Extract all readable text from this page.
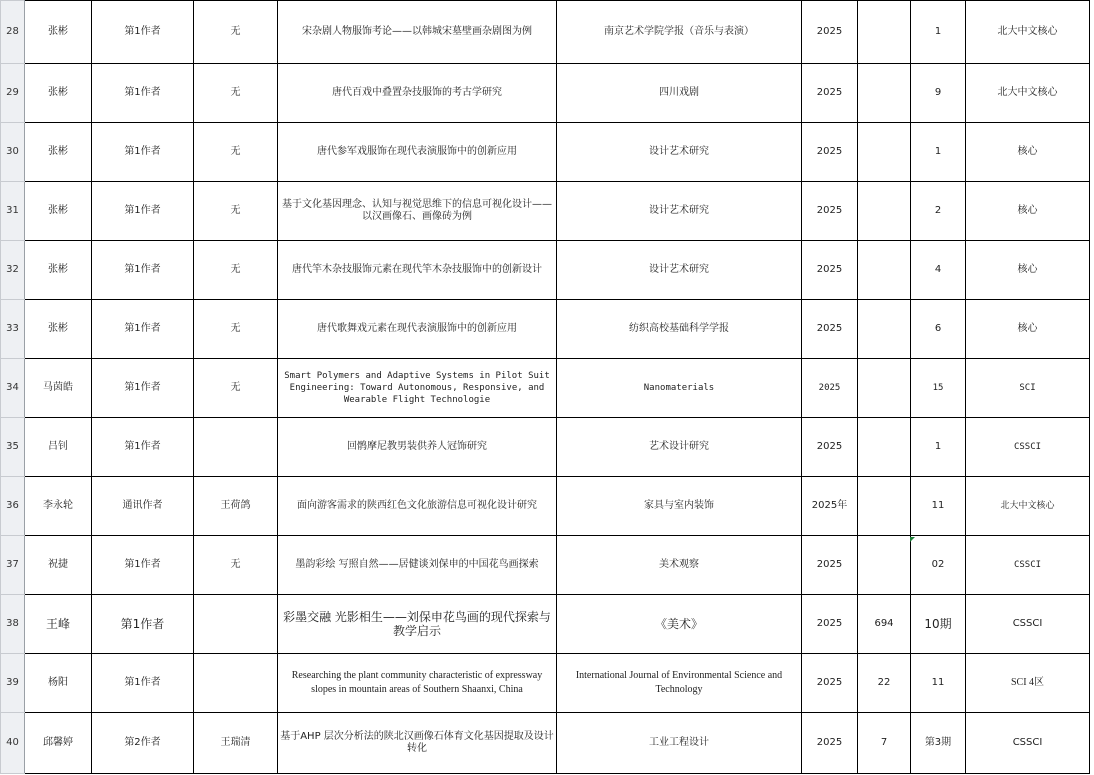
28	张彬	第1作者	无	宋杂剧人物服饰考论——以韩城宋墓壁画杂剧图为例	南京艺术学院学报（音乐与表演）	2025		1	北大中文核心
29	张彬	第1作者	无	唐代百戏中叠置杂技服饰的考古学研究	四川戏剧	2025		9	北大中文核心
30	张彬	第1作者	无	唐代参军戏服饰在现代表演服饰中的创新应用	设计艺术研究	2025		1	核心
31	张彬	第1作者	无	基于文化基因理念、认知与视觉思维下的信息可视化设计——以汉画像石、画像砖为例	设计艺术研究	2025		2	核心
32	张彬	第1作者	无	唐代竿木杂技服饰元素在现代竿木杂技服饰中的创新设计	设计艺术研究	2025		4	核心
33	张彬	第1作者	无	唐代歌舞戏元素在现代表演服饰中的创新应用	纺织高校基础科学学报	2025		6	核心
34	马茵皓	第1作者	无	Smart Polymers and Adaptive Systems in Pilot Suit Engineering: Toward Autonomous, Responsive, and Wearable Flight Technologie	Nanomaterials	2025		15	SCI
35	吕钊	第1作者		回鹘摩尼教男装供养人冠饰研究	艺术设计研究	2025		1	CSSCI
36	李永轮	通讯作者	王荷鸽	面向游客需求的陕西红色文化旅游信息可视化设计研究	家具与室内装饰	2025年		11	北大中文核心
37	祝捷	第1作者	无	墨韵彩绘 写照自然——居健谈刘保申的中国花鸟画探索	美术观察	2025		02	CSSCI
38	王峰	第1作者		彩墨交融 光影相生——刘保申花鸟画的现代探索与教学启示	《美术》	2025	694	10期	CSSCI
39	杨阳	第1作者		Researching the plant community characteristic of expressway slopes in mountain areas of Southern Shaanxi, China	International Journal of Environmental Science and Technology	2025	22	11	SCI 4区
40	邱馨婷	第2作者	王瑞清	基于AHP 层次分析法的陕北汉画像石体育文化基因提取及设计转化	工业工程设计	2025	7	第3期	CSSCI
